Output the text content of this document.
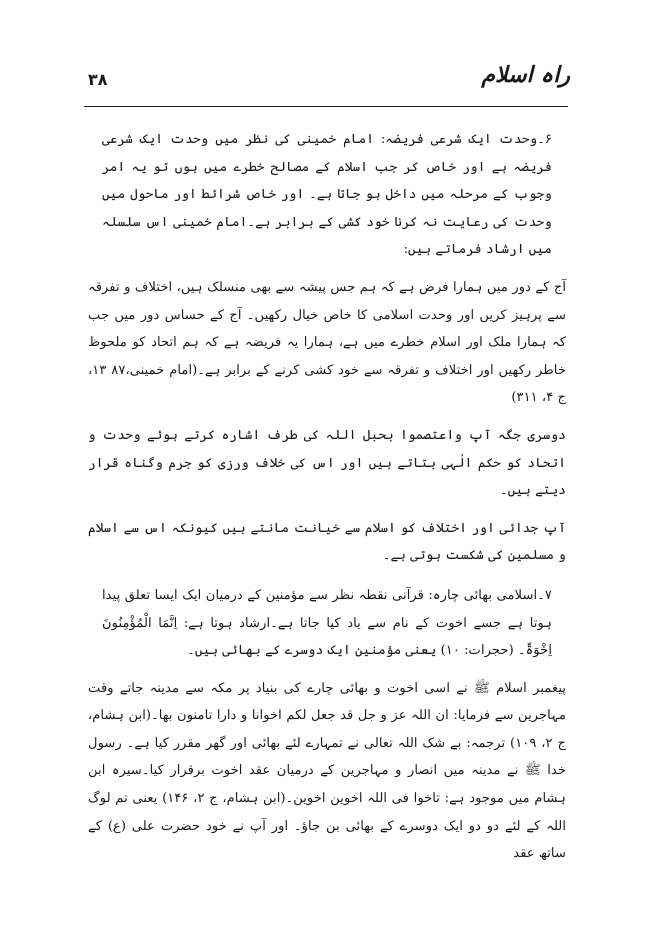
۳۸	راہ اسلام

۶۔وحدت ایک شرعی فریضہ: امام خمینی کی نظر میں وحدت ایک شرعی فریضہ ہے اور خاص کر جب اسلام کے مصالح خطرے میں ہوں تو یہ امر وجوب کے مرحلہ میں داخل ہو جاتا ہے۔ اور خاص شرائط اور ماحول میں وحدت کی رعایت نہ کرنا خود کشی کے برابر ہے۔امام خمینی اس سلسلہ میں ارشاد فرماتے ہیں:

آج کے دور میں ہمارا فرض ہے کہ ہم جس پیشہ سے بھی منسلک ہیں، اختلاف و تفرقہ سے پرہیز کریں اور وحدت اسلامی کا خاص خیال رکھیں۔ آج کے حساس دور میں جب کہ ہمارا ملک اور اسلام خطرے میں ہے، ہمارا یہ فریضہ ہے کہ ہم اتحاد کو ملحوظ خاطر رکھیں اور اختلاف و تفرقہ سے خود کشی کرنے کے برابر ہے۔(امام خمینی،۸۷ ۱۳، ج ۴، ۳۱۱)

دوسری جگہ آپ واعتصموا بحبل اللہ کی طرف اشارہ کرتے ہوئے وحدت و اتحاد کو حکم الٰہی بتاتے ہیں اور اس کی خلاف ورزی کو جرم وگناہ قرار دیتے ہیں۔

آپ جدائی اور اختلاف کو اسلام سے خیانت مانتے ہیں کیونکہ اس سے اسلام و مسلمین کی شکست ہوتی ہے۔

۷۔اسلامی بھائی چارہ: قرآنی نقطہ نظر سے مؤمنین کے درمیان ایک ایسا تعلق پیدا ہوتا ہے جسے اخوت کے نام سے یاد کیا جاتا ہے۔ارشاد ہوتا ہے: اِنَّمَا الْمُؤْمِنُونَ اِخْوَۃٌ۔ (حجرات: ۱۰) یعنی مؤمنین ایک دوسرے کے بھائی ہیں۔

پیغمبر اسلام ﷺ نے اسی اخوت و بھائی چارے کی بنیاد پر مکہ سے مدینہ جاتے وقت مہاجرین سے فرمایا: ان اللہ عز و جل قد جعل لکم اخوانا و دارا تامنون بھا۔(ابن ہشام، ج ۲، ۱۰۹) ترجمہ: بے شک اللہ تعالی نے تمہارے لئے بھائی اور گھر مقرر کیا ہے۔ رسول خدا ﷺ نے مدینہ میں انصار و مہاجرین کے درمیان عقد اخوت برقرار کیا۔سیرہ ابن ہشام میں موجود ہے: تاخوا فی اللہ اخوین اخوین۔(ابن ہشام، ج ۲، ۱۴۶) یعنی تم لوگ اللہ کے لئے دو دو ایک دوسرے کے بھائی بن جاؤ۔ اور آپ نے خود حضرت علی (ع) کے ساتھ عقد
